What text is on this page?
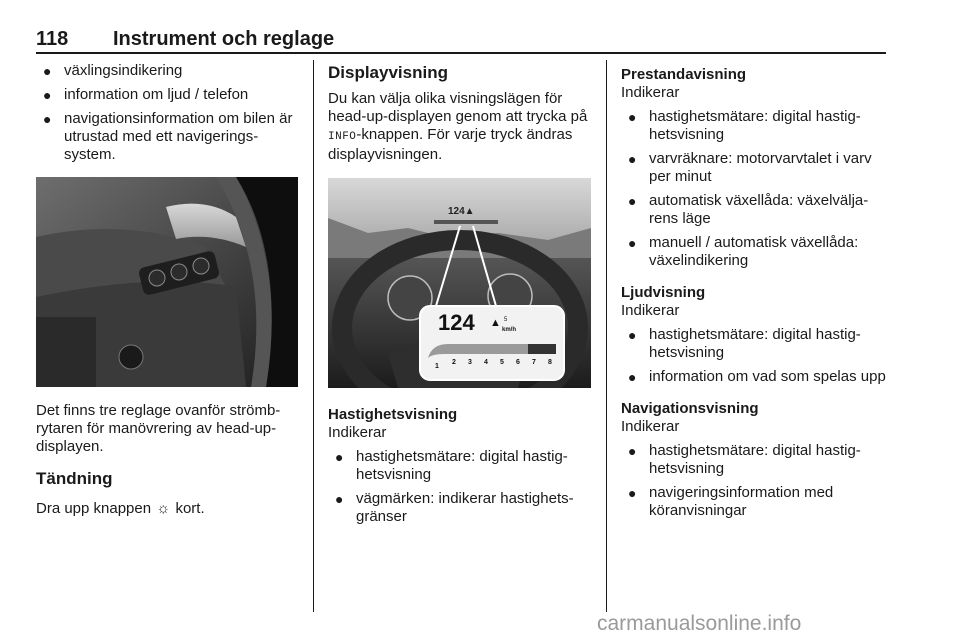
118 Instrument och reglage
● växlingsindikering
● information om ljud / telefon
● navigationsinformation om bilen är utrustad med ett navigerings-system.

Det finns tre reglage ovanför strömb-rytaren för manövrering av head-up-displayen.

Tändning

Dra upp knappen ☼ kort.

Displayvisning

Du kan välja olika visningslägen för head-up-displayen genom att trycka på INFO-knappen. För varje tryck ändras displayvisningen.

124▲
124 ▲ 5
km/h
1
2 3 4 5 6 7 8

Hastighetsvisning

Indikerar

● hastighetsmätare: digital hastig-hetsvisning
● vägmärken: indikerar hastighets-gränser

Prestandavisning

Indikerar

● hastighetsmätare: digital hastig-hetsvisning
● varvräknare: motorvarvtalet i varv per minut
● automatisk växellåda: växelvälja-rens läge
● manuell / automatisk växellåda: växelindikering

Ljudvisning

Indikerar

● hastighetsmätare: digital hastig-hetsvisning
● information om vad som spelas upp

Navigationsvisning

Indikerar

● hastighetsmätare: digital hastig-hetsvisning
● navigeringsinformation med köranvisningar
carmanualsonline.info
